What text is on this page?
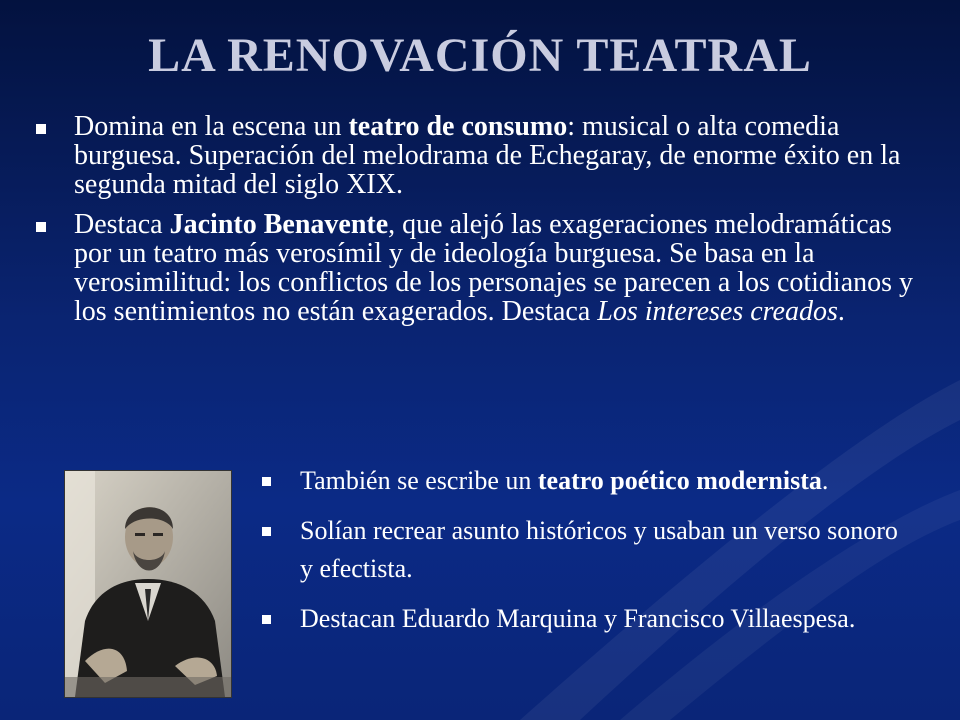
LA RENOVACIÓN TEATRAL
Domina en la escena un teatro de consumo: musical o alta comedia burguesa. Superación del melodrama de Echegaray, de enorme éxito en la segunda mitad del siglo XIX.
Destaca Jacinto Benavente, que alejó las exageraciones melodramáticas por un teatro más verosímil y de ideología burguesa. Se basa en la verosimilitud: los conflictos de los personajes se parecen a los cotidianos y los sentimientos no están exagerados. Destaca Los intereses creados.
También se escribe un teatro poético modernista.
Solían recrear asunto históricos y usaban un verso sonoro y efectista.
Destacan Eduardo Marquina y Francisco Villaespesa.
